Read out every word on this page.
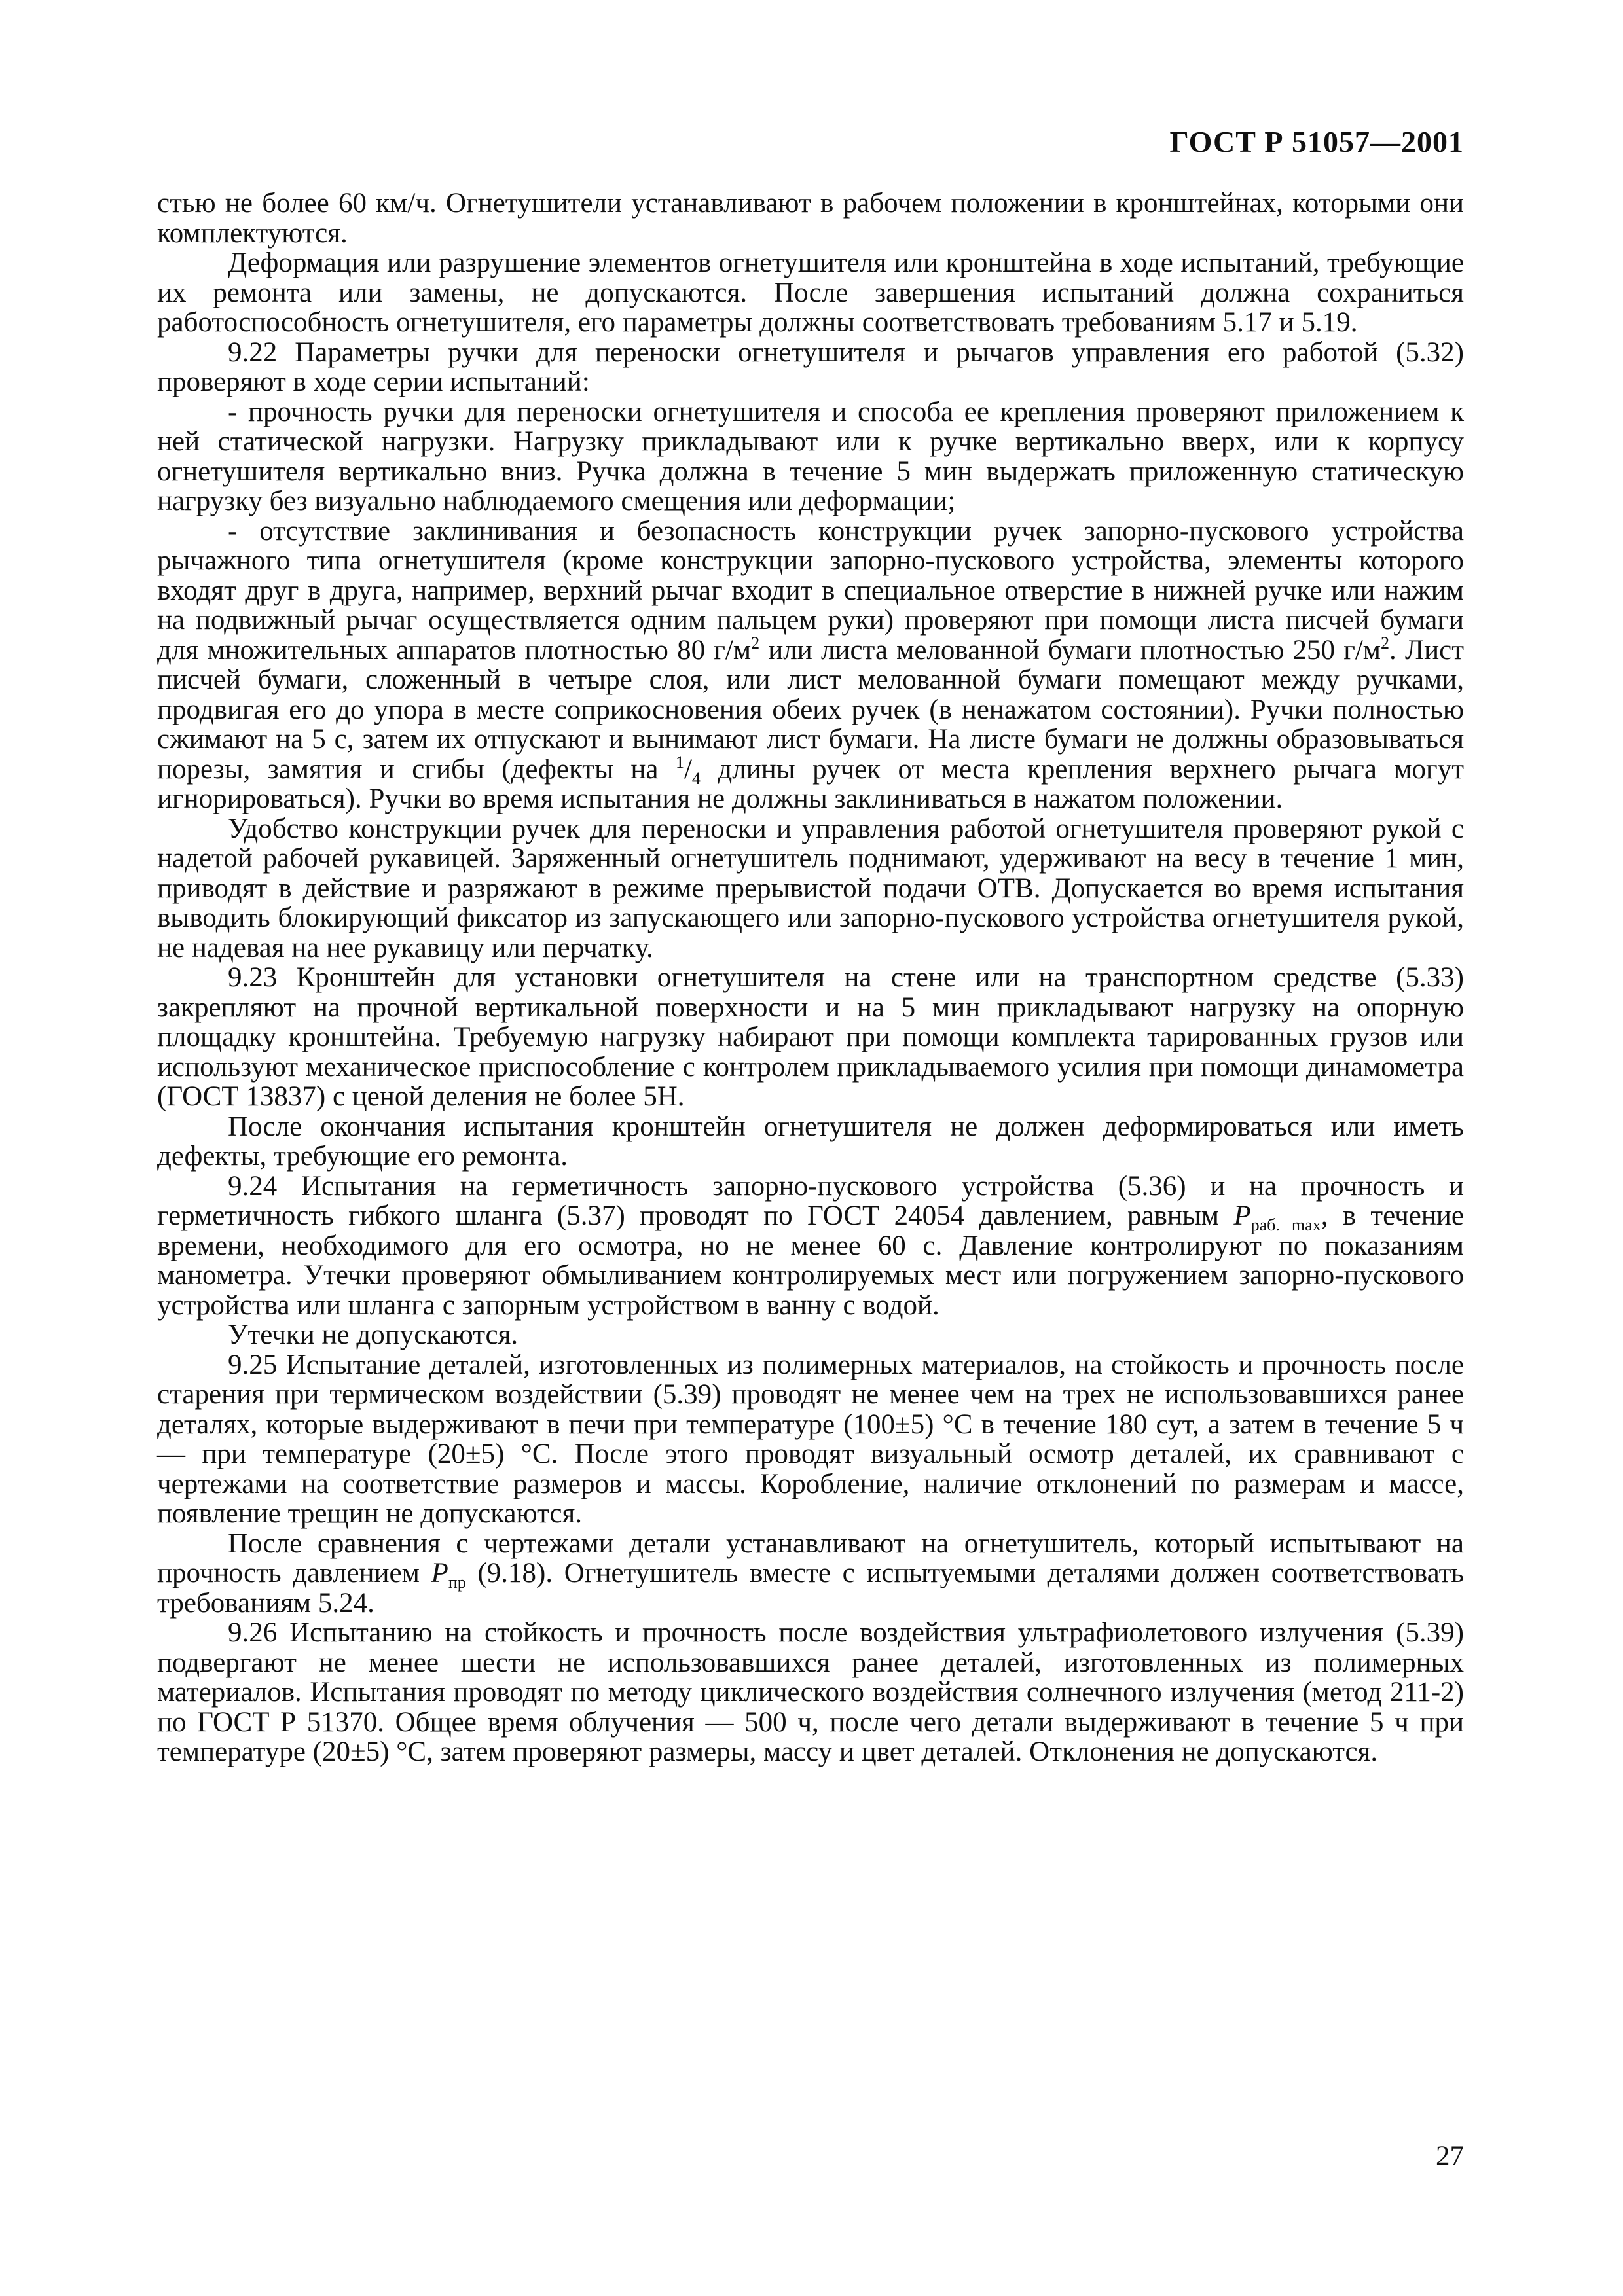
ГОСТ Р 51057—2001

стью не более 60 км/ч. Огнетушители устанавливают в рабочем положении в кронштейнах, которыми они комплектуются.

Деформация или разрушение элементов огнетушителя или кронштейна в ходе испытаний, требующие их ремонта или замены, не допускаются. После завершения испытаний должна сохраниться работоспособность огнетушителя, его параметры должны соответствовать требованиям 5.17 и 5.19.

9.22 Параметры ручки для переноски огнетушителя и рычагов управления его работой (5.32) проверяют в ходе серии испытаний:

- прочность ручки для переноски огнетушителя и способа ее крепления проверяют приложением к ней статической нагрузки. Нагрузку прикладывают или к ручке вертикально вверх, или к корпусу огнетушителя вертикально вниз. Ручка должна в течение 5 мин выдержать приложенную статическую нагрузку без визуально наблюдаемого смещения или деформации;

- отсутствие заклинивания и безопасность конструкции ручек запорно-пускового устройства рычажного типа огнетушителя (кроме конструкции запорно-пускового устройства, элементы которого входят друг в друга, например, верхний рычаг входит в специальное отверстие в нижней ручке или нажим на подвижный рычаг осуществляется одним пальцем руки) проверяют при помощи листа писчей бумаги для множительных аппаратов плотностью 80 $г/м^2$ или листа мелованной бумаги плотностью 250 $г/м^2$. Лист писчей бумаги, сложенный в четыре слоя, или лист мелованной бумаги помещают между ручками, продвигая его до упора в месте соприкосновения обеих ручек (в ненажатом состоянии). Ручки полностью сжимают на 5 с, затем их отпускают и вынимают лист бумаги. На листе бумаги не должны образовываться порезы, замятия и сгибы (дефекты на $^1/_4$ длины ручек от места крепления верхнего рычага могут игнорироваться). Ручки во время испытания не должны заклиниваться в нажатом положении.

Удобство конструкции ручек для переноски и управления работой огнетушителя проверяют рукой с надетой рабочей рукавицей. Заряженный огнетушитель поднимают, удерживают на весу в течение 1 мин, приводят в действие и разряжают в режиме прерывистой подачи ОТВ. Допускается во время испытания выводить блокирующий фиксатор из запускающего или запорно-пускового устройства огнетушителя рукой, не надевая на нее рукавицу или перчатку.

9.23 Кронштейн для установки огнетушителя на стене или на транспортном средстве (5.33) закрепляют на прочной вертикальной поверхности и на 5 мин прикладывают нагрузку на опорную площадку кронштейна. Требуемую нагрузку набирают при помощи комплекта тарированных грузов или используют механическое приспособление с контролем прикладываемого усилия при помощи динамометра (ГОСТ 13837) с ценой деления не более 5Н.

После окончания испытания кронштейн огнетушителя не должен деформироваться или иметь дефекты, требующие его ремонта.

9.24 Испытания на герметичность запорно-пускового устройства (5.36) и на прочность и герметичность гибкого шланга (5.37) проводят по ГОСТ 24054 давлением, равным $P_{раб. max}$, в течение времени, необходимого для его осмотра, но не менее 60 с. Давление контролируют по показаниям манометра. Утечки проверяют обмыливанием контролируемых мест или погружением запорно-пускового устройства или шланга с запорным устройством в ванну с водой.

Утечки не допускаются.

9.25 Испытание деталей, изготовленных из полимерных материалов, на стойкость и прочность после старения при термическом воздействии (5.39) проводят не менее чем на трех не использовавшихся ранее деталях, которые выдерживают в печи при температуре (100±5) °С в течение 180 сут, а затем в течение 5 ч — при температуре (20±5) °С. После этого проводят визуальный осмотр деталей, их сравнивают с чертежами на соответствие размеров и массы. Коробление, наличие отклонений по размерам и массе, появление трещин не допускаются.

После сравнения с чертежами детали устанавливают на огнетушитель, который испытывают на прочность давлением $P_{пр}$ (9.18). Огнетушитель вместе с испытуемыми деталями должен соответствовать требованиям 5.24.

9.26 Испытанию на стойкость и прочность после воздействия ультрафиолетового излучения (5.39) подвергают не менее шести не использовавшихся ранее деталей, изготовленных из полимерных материалов. Испытания проводят по методу циклического воздействия солнечного излучения (метод 211-2) по ГОСТ Р 51370. Общее время облучения — 500 ч, после чего детали выдерживают в течение 5 ч при температуре (20±5) °С, затем проверяют размеры, массу и цвет деталей. Отклонения не допускаются.

27
